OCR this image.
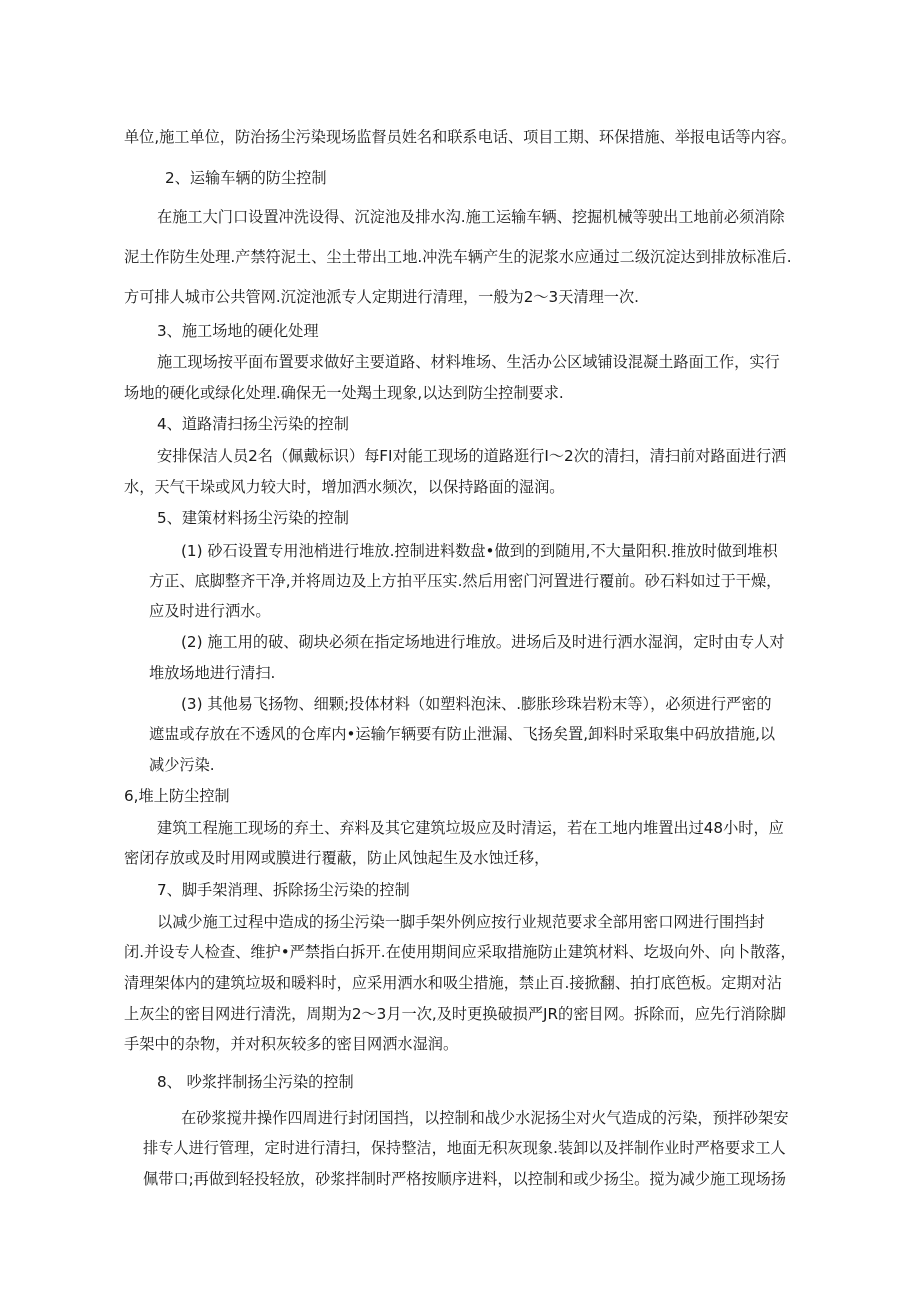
单位,施工单位，防治扬尘污染现场监督员姓名和联系电话、项目工期、环保措施、举报电话等内容。
2、运输车辆的防尘控制
在施工大门口设置冲洗设得、沉淀池及排水沟.施工运输车辆、挖掘机械等驶出工地前必须消除
泥土作防生处理.产禁符泥土、尘土带出工地.冲洗车辆产生的泥浆水应通过二级沉淀达到排放标准后.
方可排人城市公共管网.沉淀池派专人定期进行清理，一般为2〜3天清理一次.
3、施工场地的硬化处理
施工现场按平面布置要求做好主要道路、材料堆场、生活办公区域铺设混凝土路面工作，实行
场地的硬化或绿化处理.确保无一处羯土现象,以达到防尘控制要求.
4、道路清扫扬尘污染的控制
安排保洁人员2名（佩戴标识）每FI对能工现场的道路逛行I〜2次的清扫，清扫前对路面进行洒
水，天气干垛或风力较大时，增加洒水频次，以保持路面的湿润。
5、建策材料扬尘污染的控制
(1) 砂石设置专用池梢进行堆放.控制进料数盘•做到的到随用,不大量阳积.推放时做到堆枳
方正、底脚整齐干净,并将周边及上方拍平压实.然后用密门河置进行覆前。砂石料如过于干燥，
应及时进行洒水。
(2) 施工用的破、砌块必须在指定场地进行堆放。进场后及时进行洒水湿润，定时由专人对
堆放场地进行清扫.
(3) 其他易飞扬物、细颗;投体材料（如塑料泡沫、.膨胀珍珠岩粉末等），必须进行严密的
遮盅或存放在不透风的仓库内•运输乍辆要有防止泄漏、飞扬矣置,卸料时采取集中码放措施,以
减少污染.
6,堆上防尘控制
建筑工程施工现场的弃土、弃料及其它建筑垃圾应及时清运，若在工地内堆置出过48小时，应
密闭存放或及时用网或膜进行覆蔽，防止风蚀起生及水蚀迁移，
7、脚手架消理、拆除扬尘污染的控制
以减少施工过程中造成的扬尘污染一脚手架外例应按行业规范要求全部用密口网进行围挡封
闭.并设专人检查、维护•严禁指白拆开.在使用期间应采取措施防止建筑材料、圪圾向外、向卜散落，
清理架体内的建筑垃圾和暖料时，应采用洒水和吸尘措施，禁止百.接掀翻、拍打底笆板。定期对沾
上灰尘的密目网进行清洗，周期为2〜3月一次,及时更换破损严JR的密目网。拆除而，应先行消除脚
手架中的杂物，并对积灰较多的密目网洒水湿润。
8、 吵浆拌制扬尘污染的控制
在砂浆搅井操作四周进行封闭国挡，以控制和战少水泥扬尘对火气造成的污染，预拌砂架安
排专人进行管理，定时进行清扫，保持整洁，地面无积灰现象.装卸以及拌制作业时严格要求工人
佩带口;再做到轻投轻放，砂浆拌制时严格按顺序进料，以控制和或少扬尘。搅为减少施工现场扬
